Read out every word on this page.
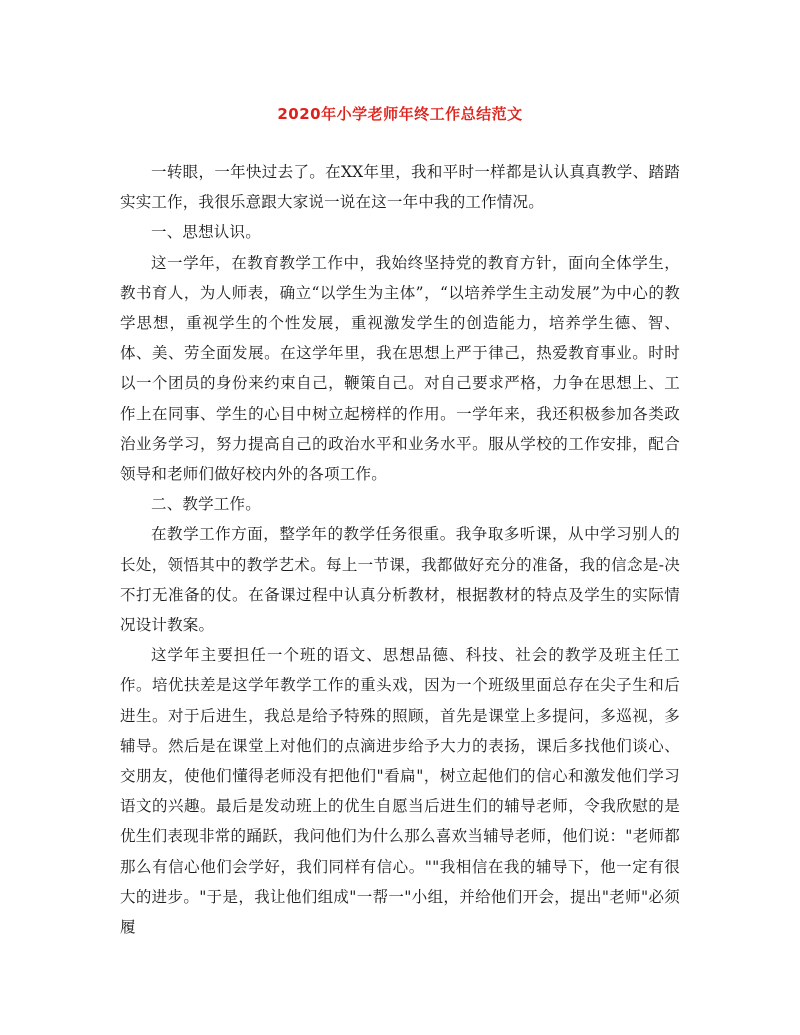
2020年小学老师年终工作总结范文

一转眼，一年快过去了。在XX年里，我和平时一样都是认认真真教学、踏踏实实工作，我很乐意跟大家说一说在这一年中我的工作情况。

一、思想认识。

这一学年，在教育教学工作中，我始终坚持党的教育方针，面向全体学生，教书育人，为人师表，确立“以学生为主体”，“以培养学生主动发展”为中心的教学思想，重视学生的个性发展，重视激发学生的创造能力，培养学生德、智、体、美、劳全面发展。在这学年里，我在思想上严于律己，热爱教育事业。时时以一个团员的身份来约束自己，鞭策自己。对自己要求严格，力争在思想上、工作上在同事、学生的心目中树立起榜样的作用。一学年来，我还积极参加各类政治业务学习，努力提高自己的政治水平和业务水平。服从学校的工作安排，配合领导和老师们做好校内外的各项工作。

二、教学工作。

在教学工作方面，整学年的教学任务很重。我争取多听课，从中学习别人的长处，领悟其中的教学艺术。每上一节课，我都做好充分的准备，我的信念是-决不打无准备的仗。在备课过程中认真分析教材，根据教材的特点及学生的实际情况设计教案。

这学年主要担任一个班的语文、思想品德、科技、社会的教学及班主任工作。培优扶差是这学年教学工作的重头戏，因为一个班级里面总存在尖子生和后进生。对于后进生，我总是给予特殊的照顾，首先是课堂上多提问，多巡视，多辅导。然后是在课堂上对他们的点滴进步给予大力的表扬，课后多找他们谈心、交朋友，使他们懂得老师没有把他们"看扁"，树立起他们的信心和激发他们学习语文的兴趣。最后是发动班上的优生自愿当后进生们的辅导老师，令我欣慰的是优生们表现非常的踊跃，我问他们为什么那么喜欢当辅导老师，他们说："老师都那么有信心他们会学好，我们同样有信心。""我相信在我的辅导下，他一定有很大的进步。"于是，我让他们组成"一帮一"小组，并给他们开会，提出"老师"必须履
